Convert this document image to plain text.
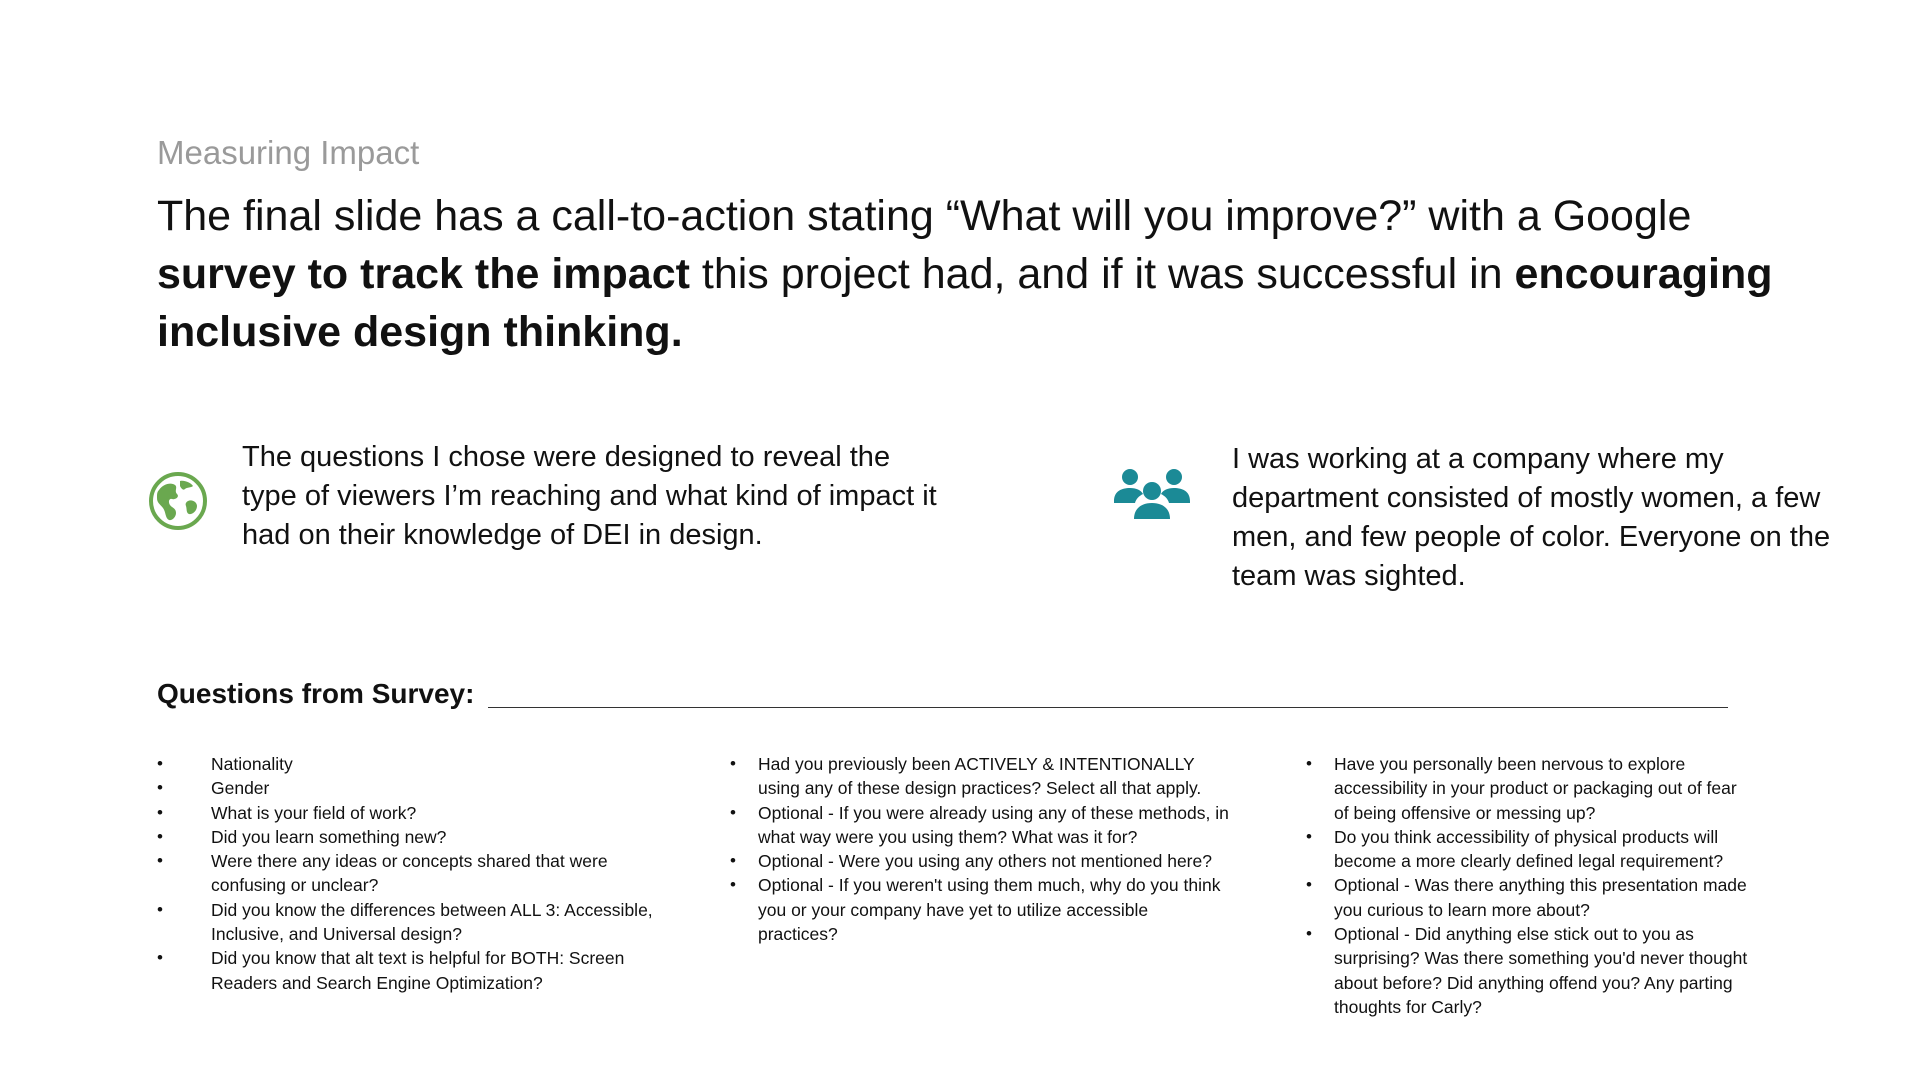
Measuring Impact
The final slide has a call-to-action stating “What will you improve?” with a Google survey to track the impact this project had, and if it was successful in encouraging inclusive design thinking.
The questions I chose were designed to reveal the type of viewers I’m reaching and what kind of impact it had on their knowledge of DEI in design.
I was working at a company where my department consisted of mostly women, a few men, and few people of color. Everyone on the team was sighted.
Questions from Survey:
• Nationality
• Gender
• What is your field of work?
• Did you learn something new?
• Were there any ideas or concepts shared that were confusing or unclear?
• Did you know the differences between ALL 3: Accessible, Inclusive, and Universal design?
• Did you know that alt text is helpful for BOTH: Screen Readers and Search Engine Optimization?
• Had you previously been ACTIVELY & INTENTIONALLY using any of these design practices? Select all that apply.
• Optional - If you were already using any of these methods, in what way were you using them? What was it for?
• Optional - Were you using any others not mentioned here?
• Optional - If you weren't using them much, why do you think you or your company have yet to utilize accessible practices?
• Have you personally been nervous to explore accessibility in your product or packaging out of fear of being offensive or messing up?
• Do you think accessibility of physical products will become a more clearly defined legal requirement?
• Optional - Was there anything this presentation made you curious to learn more about?
• Optional - Did anything else stick out to you as surprising? Was there something you'd never thought about before? Did anything offend you? Any parting thoughts for Carly?
